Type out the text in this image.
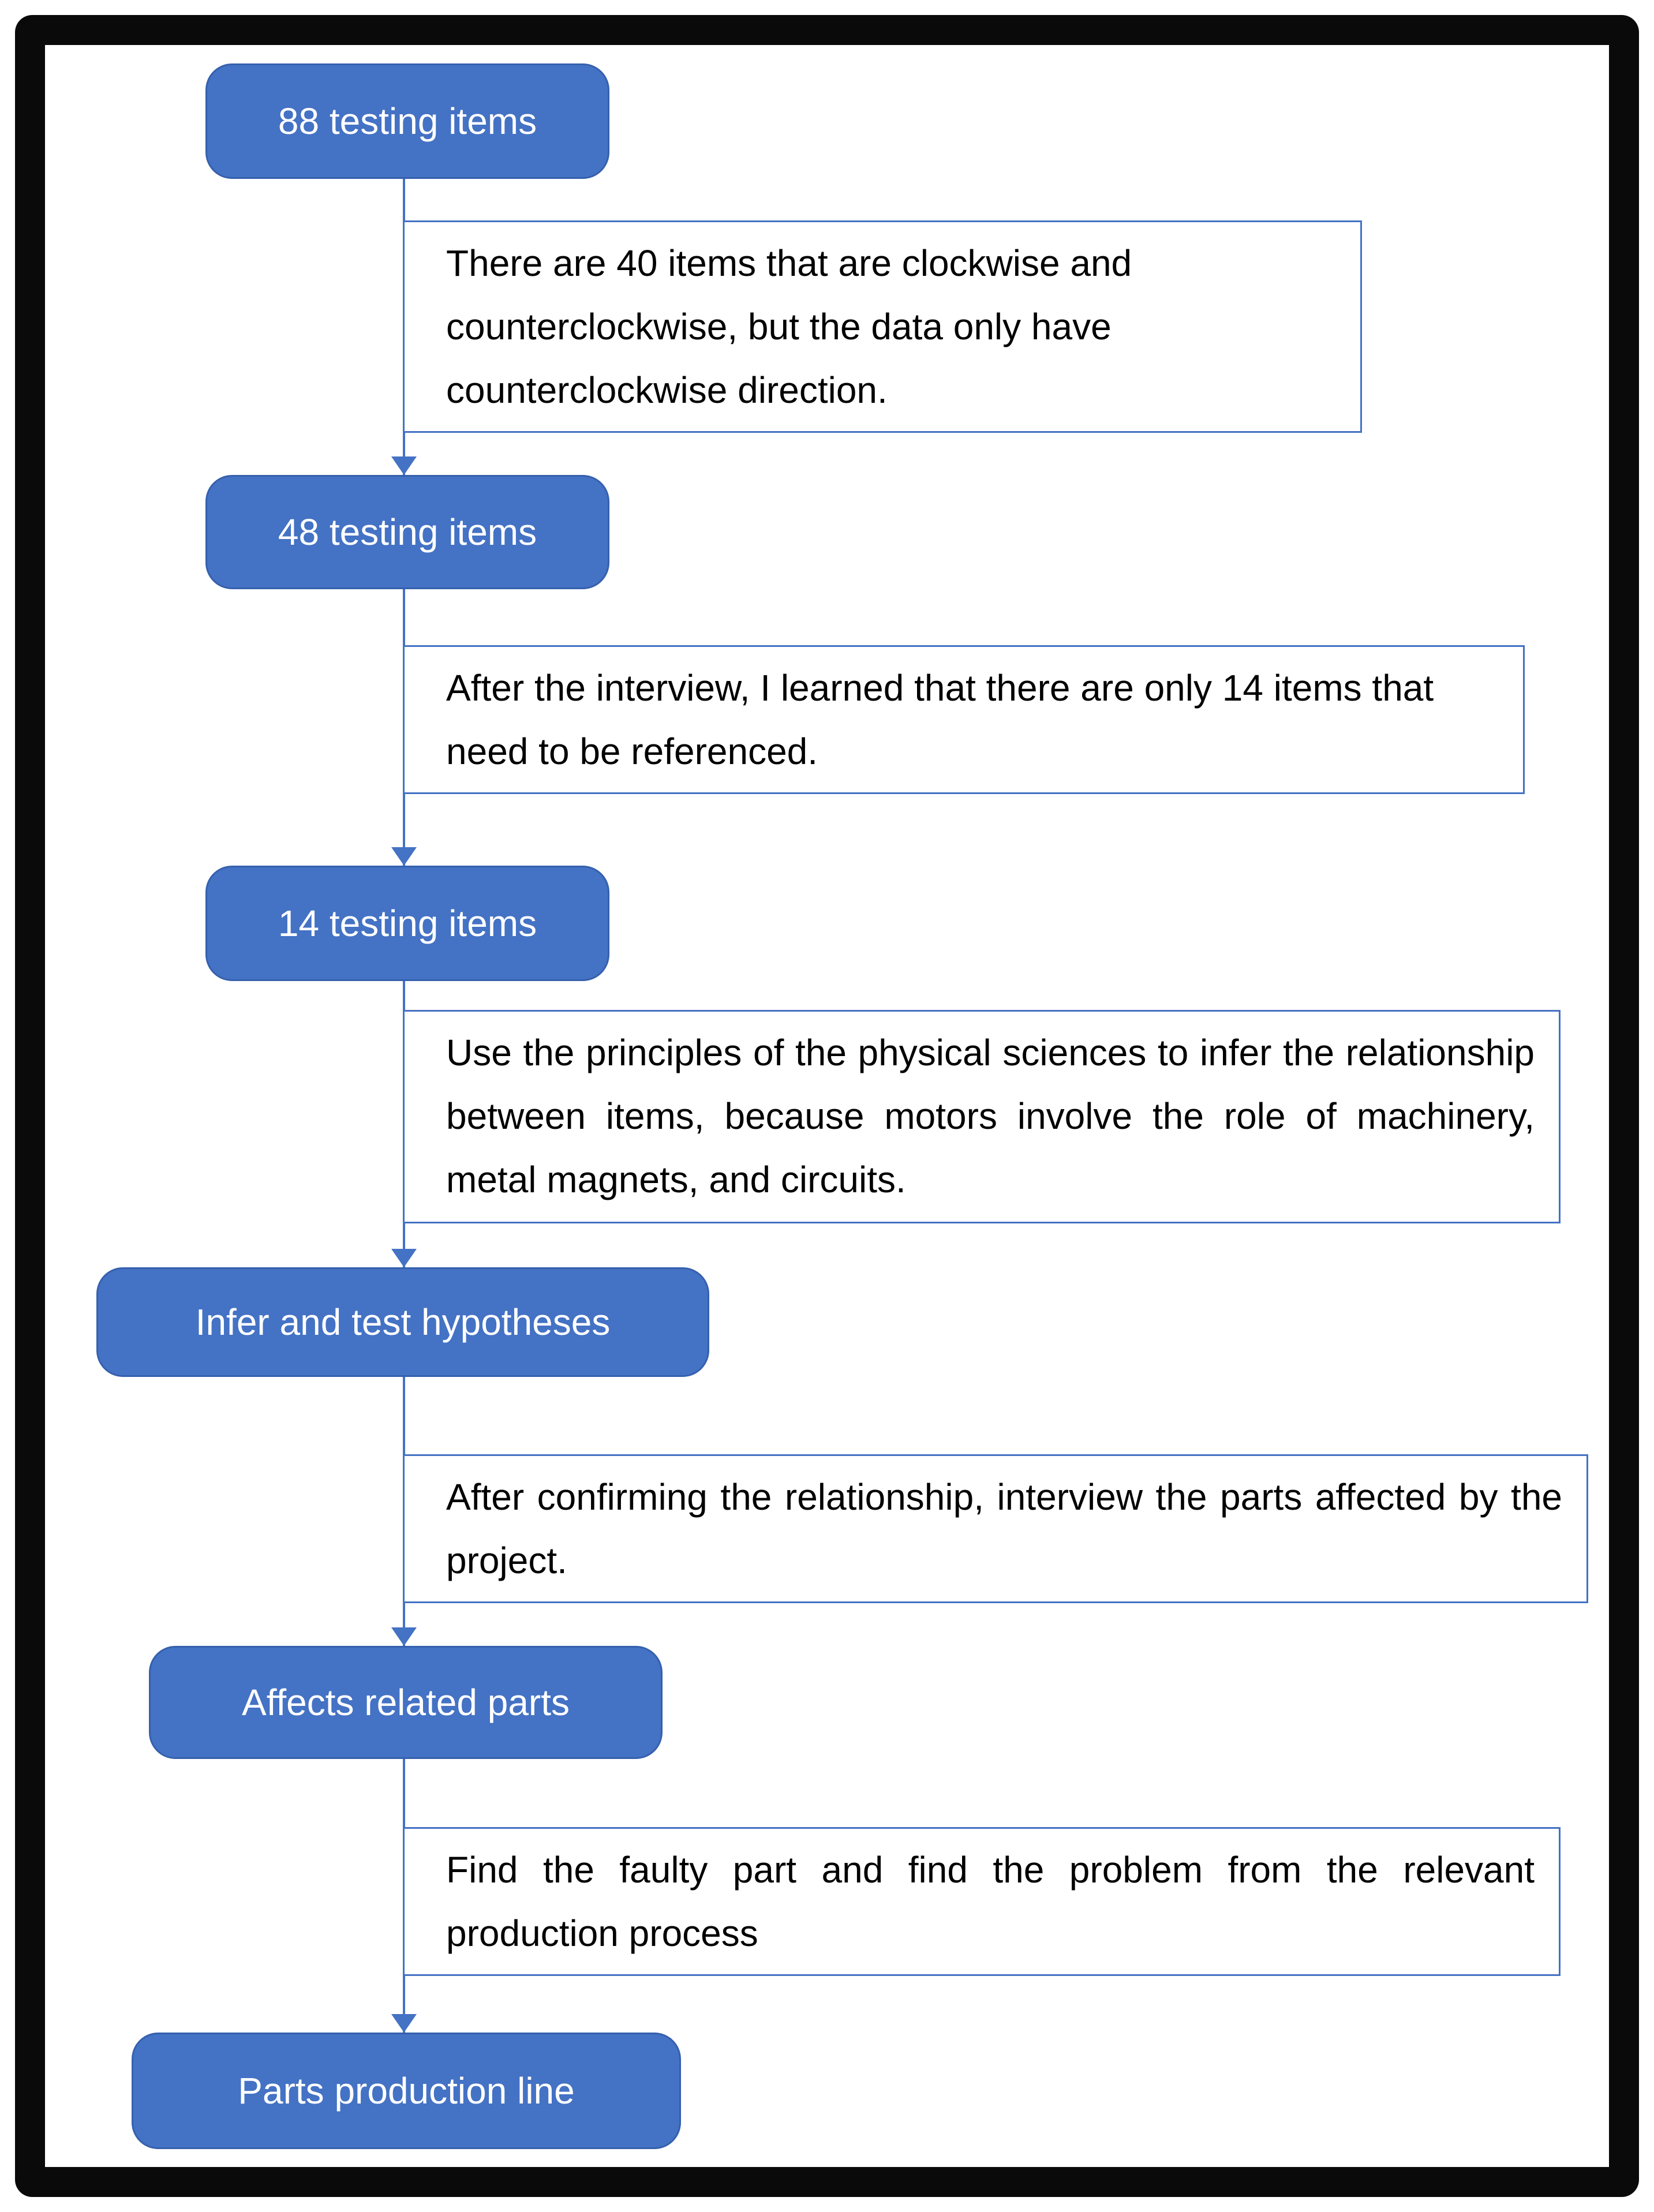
88 testing items
48 testing items
14 testing items
Infer and test hypotheses
Affects related parts
Parts production line
There are 40 items that are clockwise and counterclockwise, but the data only have counterclockwise direction.
After the interview, I learned that there are only 14 items that need to be referenced.
Use the principles of the physical sciences to infer the relationship between items, because motors involve the role of machinery, metal magnets, and circuits.
After confirming the relationship, interview the parts affected by the project.
Find the faulty part and find the problem from the relevant production process
